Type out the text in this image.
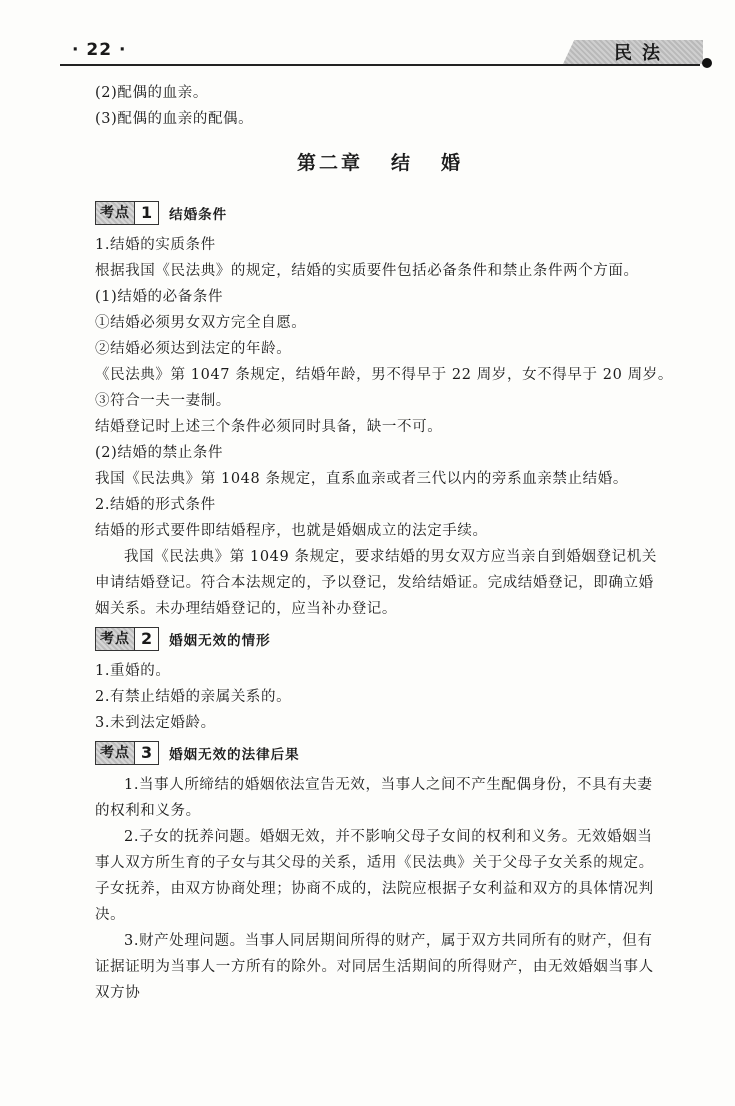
· 22 ·	民法

(2)配偶的血亲。

(3)配偶的血亲的配偶。

第二章 结 婚
考点 1	结婚条件

1.结婚的实质条件

根据我国《民法典》的规定，结婚的实质要件包括必备条件和禁止条件两个方面。

(1)结婚的必备条件

①结婚必须男女双方完全自愿。

②结婚必须达到法定的年龄。

《民法典》第 1047 条规定，结婚年龄，男不得早于 22 周岁，女不得早于 20 周岁。

③符合一夫一妻制。

结婚登记时上述三个条件必须同时具备，缺一不可。

(2)结婚的禁止条件

我国《民法典》第 1048 条规定，直系血亲或者三代以内的旁系血亲禁止结婚。

2.结婚的形式条件

结婚的形式要件即结婚程序，也就是婚姻成立的法定手续。

我国《民法典》第 1049 条规定，要求结婚的男女双方应当亲自到婚姻登记机关申请结婚登记。符合本法规定的，予以登记，发给结婚证。完成结婚登记，即确立婚姻关系。未办理结婚登记的，应当补办登记。

考点 2	婚姻无效的情形

1.重婚的。

2.有禁止结婚的亲属关系的。

3.未到法定婚龄。

考点 3	婚姻无效的法律后果

1.当事人所缔结的婚姻依法宣告无效，当事人之间不产生配偶身份，不具有夫妻的权利和义务。

2.子女的抚养问题。婚姻无效，并不影响父母子女间的权利和义务。无效婚姻当事人双方所生育的子女与其父母的关系，适用《民法典》关于父母子女关系的规定。子女抚养，由双方协商处理；协商不成的，法院应根据子女利益和双方的具体情况判决。

3.财产处理问题。当事人同居期间所得的财产，属于双方共同所有的财产，但有证据证明为当事人一方所有的除外。对同居生活期间的所得财产，由无效婚姻当事人双方协
